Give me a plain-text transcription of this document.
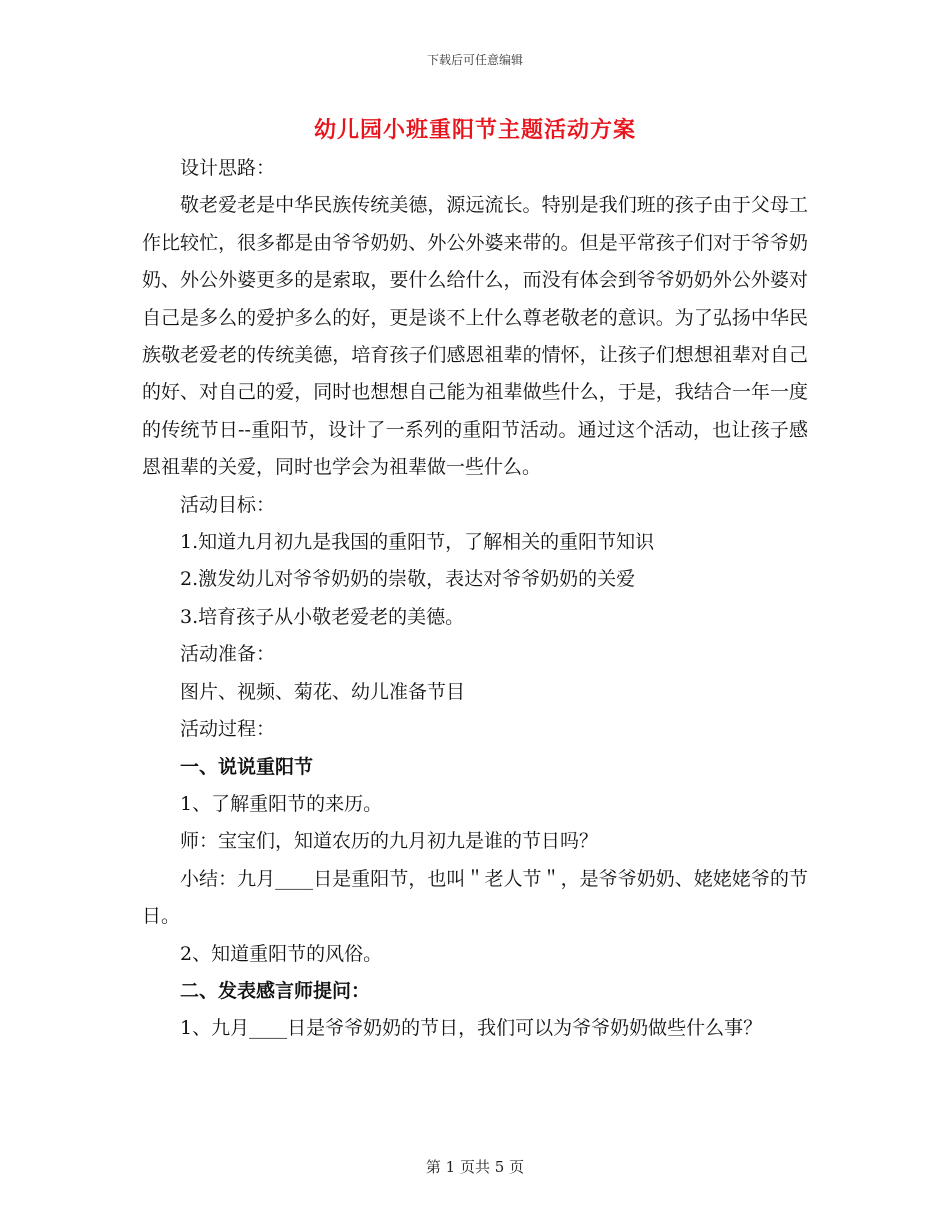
下载后可任意编辑
幼儿园小班重阳节主题活动方案

设计思路：

敬老爱老是中华民族传统美德，源远流长。特别是我们班的孩子由于父母工作比较忙，很多都是由爷爷奶奶、外公外婆来带的。但是平常孩子们对于爷爷奶奶、外公外婆更多的是索取，要什么给什么，而没有体会到爷爷奶奶外公外婆对自己是多么的爱护多么的好，更是谈不上什么尊老敬老的意识。为了弘扬中华民族敬老爱老的传统美德，培育孩子们感恩祖辈的情怀，让孩子们想想祖辈对自己的好、对自己的爱，同时也想想自己能为祖辈做些什么，于是，我结合一年一度的传统节日--重阳节，设计了一系列的重阳节活动。通过这个活动，也让孩子感恩祖辈的关爱，同时也学会为祖辈做一些什么。

活动目标：

1.知道九月初九是我国的重阳节，了解相关的重阳节知识

2.激发幼儿对爷爷奶奶的崇敬，表达对爷爷奶奶的关爱

3.培育孩子从小敬老爱老的美德。

活动准备：

图片、视频、菊花、幼儿准备节目

活动过程：

一、说说重阳节

1、了解重阳节的来历。

师：宝宝们，知道农历的九月初九是谁的节日吗？

小结：九月____日是重阳节，也叫＂老人节＂，是爷爷奶奶、姥姥姥爷的节日。

2、知道重阳节的风俗。

二、发表感言师提问：

1、九月____日是爷爷奶奶的节日，我们可以为爷爷奶奶做些什么事？

第 1 页共 5 页
